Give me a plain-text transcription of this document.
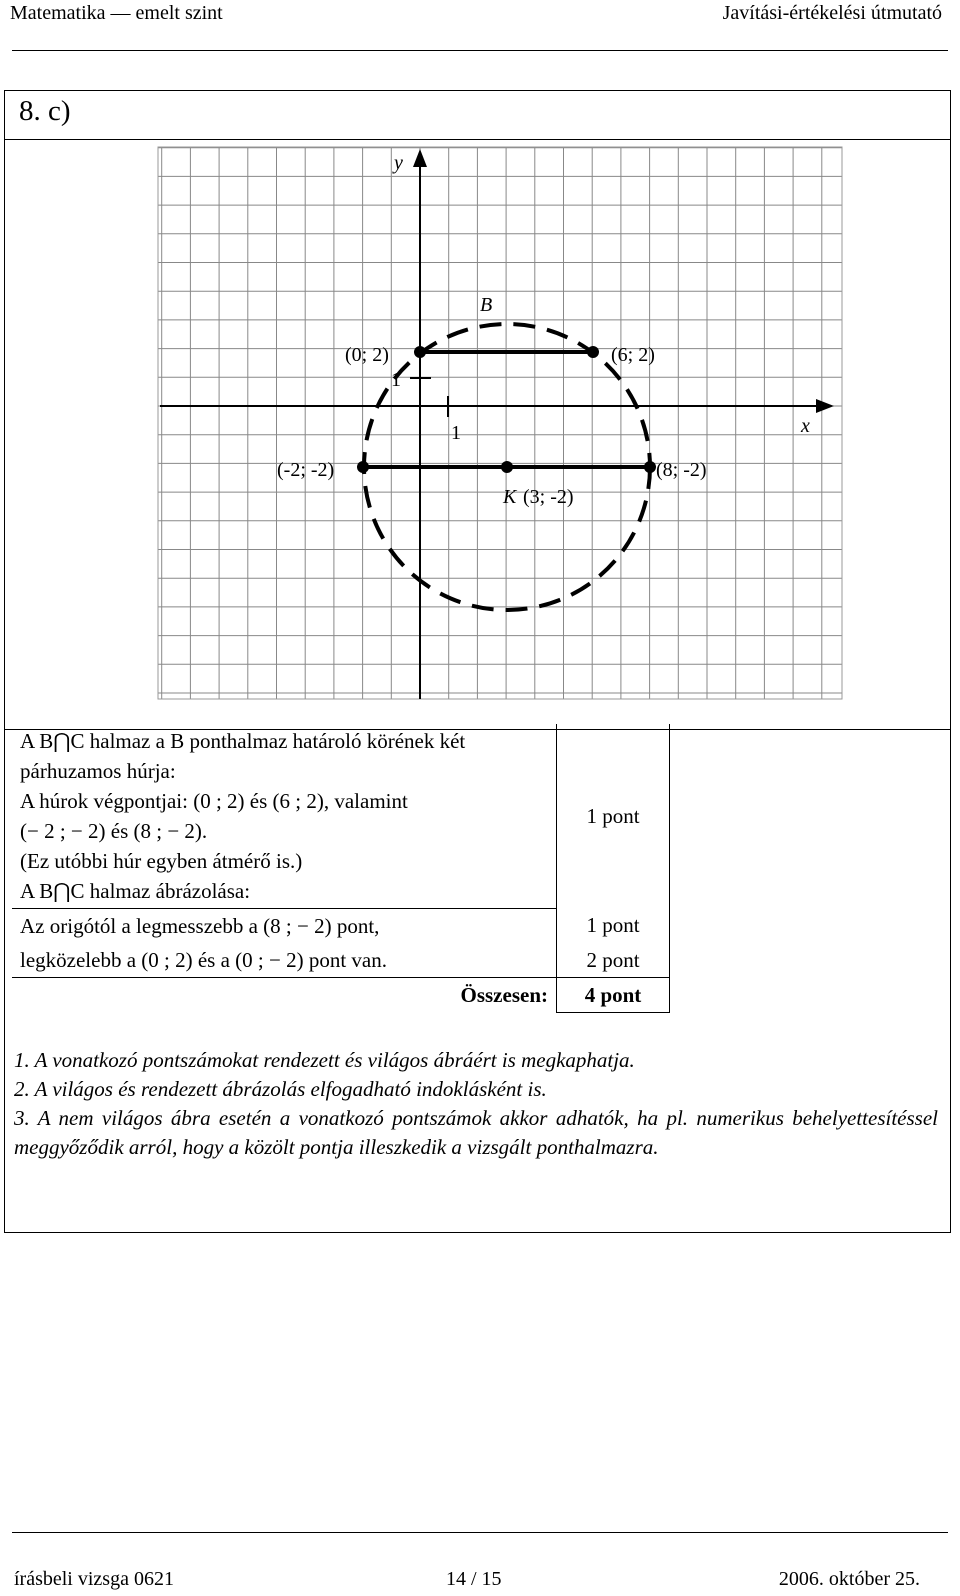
Matematika — emelt szint	Javítási-értékelési útmutató
8. c)
y
x
B
1
1
(0; 2)	(6; 2)
(-2; -2)	(8; -2)
K (3; -2)
A B⋂C halmaz a B ponthalmaz határoló körének két párhuzamos húrja:
A húrok végpontjai: (0 ; 2) és (6 ; 2), valamint
(− 2 ; − 2) és (8 ; − 2).
(Ez utóbbi húr egyben átmérő is.)
A B⋂C halmaz ábrázolása:	1 pont
Az origótól a legmesszebb a (8 ; − 2) pont,	1 pont
legközelebb a (0 ; 2) és a (0 ; − 2) pont van.	2 pont
Összesen:	4 pont

1. A vonatkozó pontszámokat rendezett és világos ábráért is megkaphatja.

2. A világos és rendezett ábrázolás elfogadható indoklásként is.

3. A nem világos ábra esetén a vonatkozó pontszámok akkor adhatók, ha pl. numerikus behelyettesítéssel meggyőződik arról, hogy a közölt pontja illeszkedik a vizsgált ponthalmazra.

írásbeli vizsga 0621	14 / 15	2006. október 25.
